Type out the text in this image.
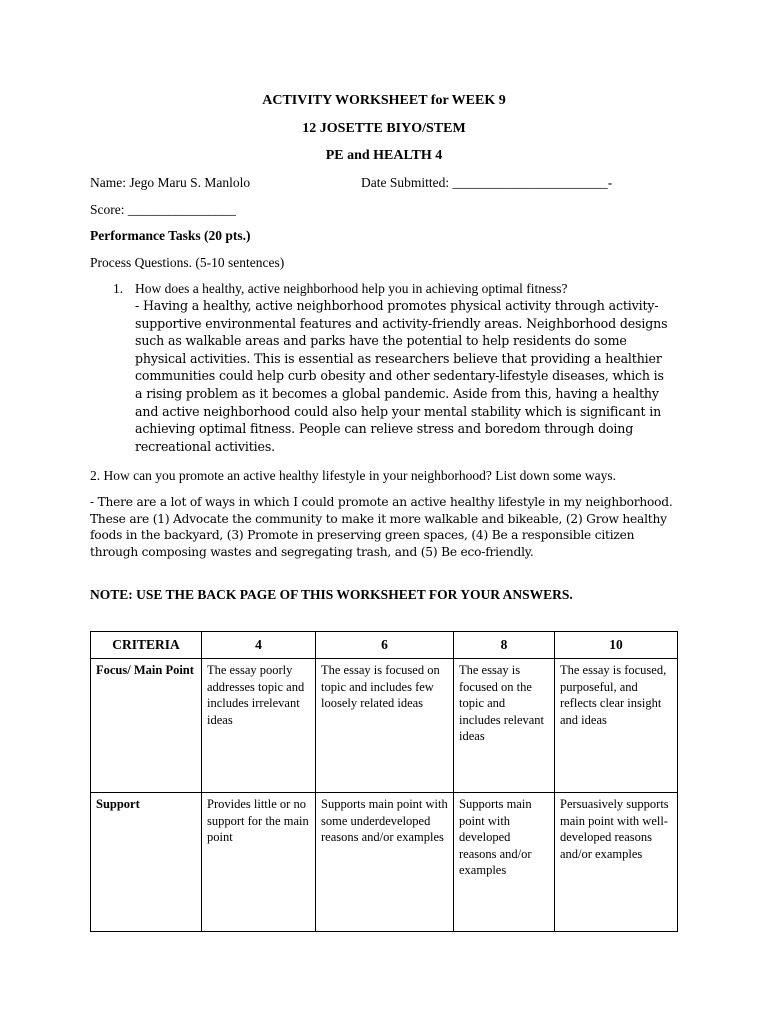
ACTIVITY WORKSHEET for WEEK 9
12 JOSETTE BIYO/STEM
PE and HEALTH 4
Name: Jego Maru S. Manlolo	Date Submitted: _______________________-
Score: ________________
Performance Tasks (20 pts.)
Process Questions. (5-10 sentences)
1. How does a healthy, active neighborhood help you in achieving optimal fitness?
- Having a healthy, active neighborhood promotes physical activity through activity-supportive environmental features and activity-friendly areas. Neighborhood designs such as walkable areas and parks have the potential to help residents do some physical activities. This is essential as researchers believe that providing a healthier communities could help curb obesity and other sedentary-lifestyle diseases, which is a rising problem as it becomes a global pandemic. Aside from this, having a healthy and active neighborhood could also help your mental stability which is significant in achieving optimal fitness. People can relieve stress and boredom through doing recreational activities.
2. How can you promote an active healthy lifestyle in your neighborhood? List down some ways.
- There are a lot of ways in which I could promote an active healthy lifestyle in my neighborhood. These are (1) Advocate the community to make it more walkable and bikeable, (2) Grow healthy foods in the backyard, (3) Promote in preserving green spaces, (4) Be a responsible citizen through composing wastes and segregating trash, and (5) Be eco-friendly.
NOTE: USE THE BACK PAGE OF THIS WORKSHEET FOR YOUR ANSWERS.
CRITERIA	4	6	8	10
Focus/ Main Point	The essay poorly addresses topic and includes irrelevant ideas	The essay is focused on topic and includes few loosely related ideas	The essay is focused on the topic and includes relevant ideas	The essay is focused, purposeful, and reflects clear insight and ideas
Support	Provides little or no support for the main point	Supports main point with some underdeveloped reasons and/or examples	Supports main point with developed reasons and/or examples	Persuasively supports main point with well-developed reasons and/or examples
